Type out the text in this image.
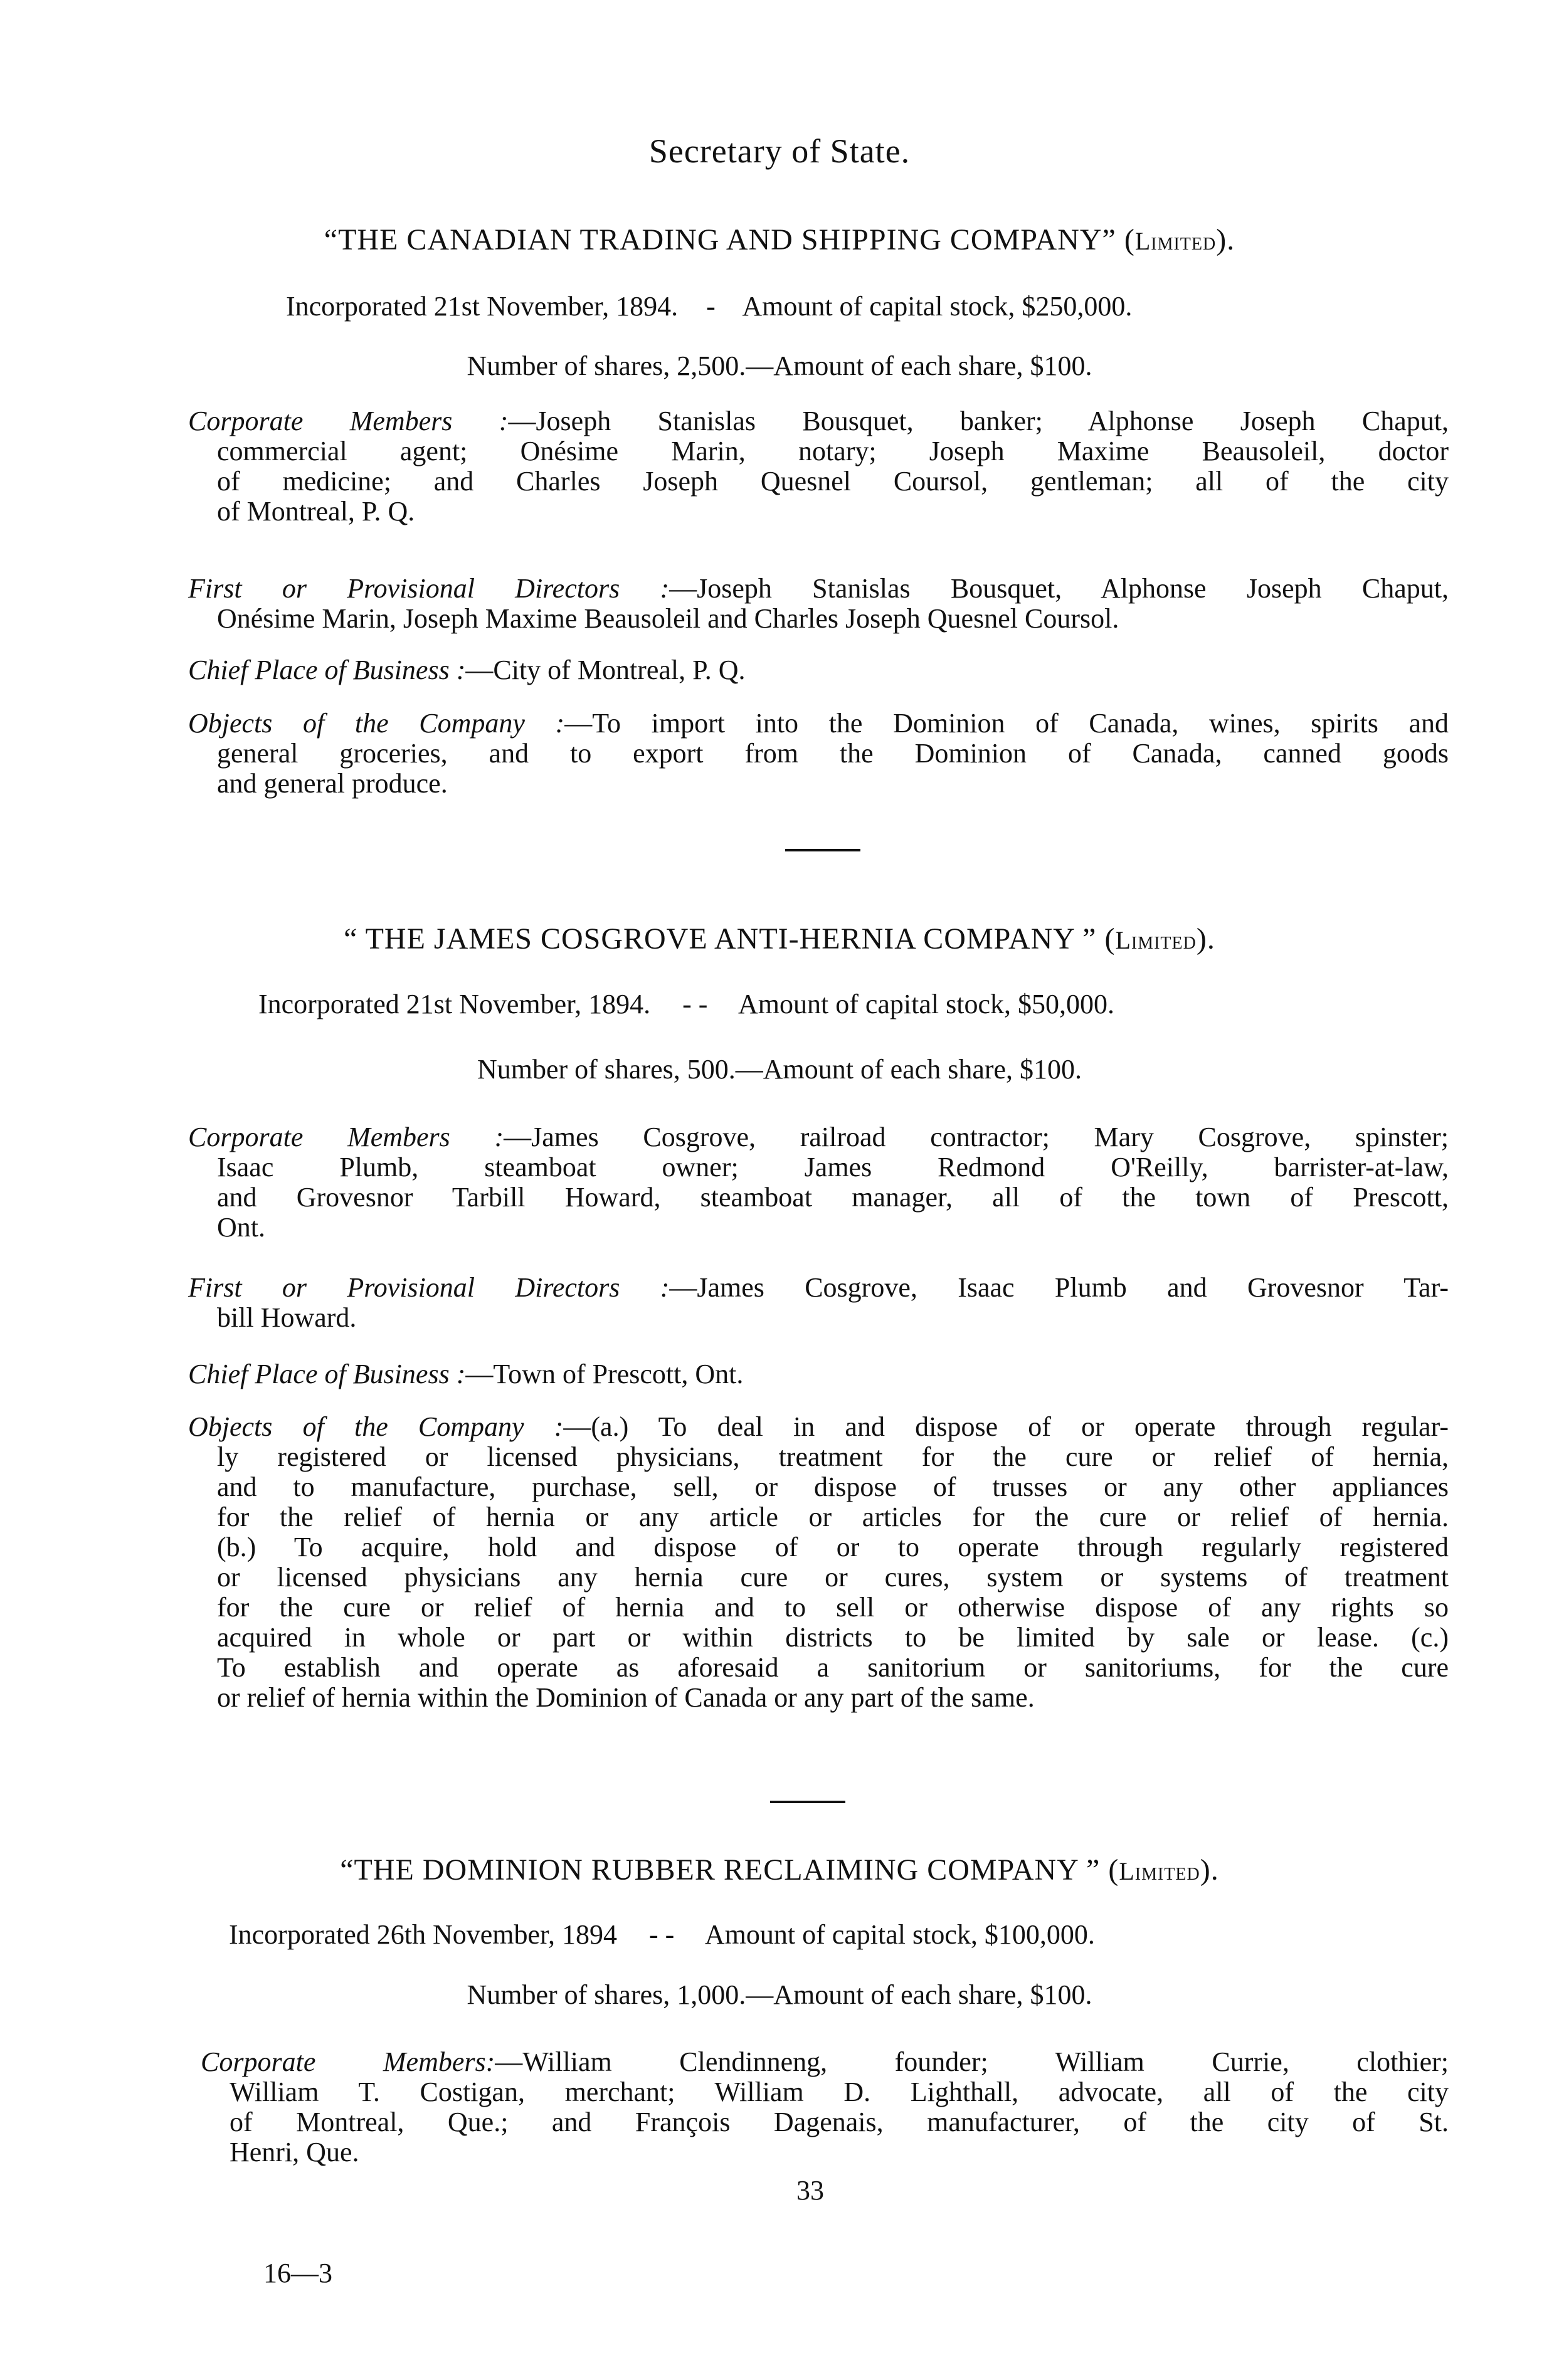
Secretary of State.
“THE CANADIAN TRADING AND SHIPPING COMPANY” (Limited).
Incorporated 21st November, 1894. - Amount of capital stock, $250,000.
Number of shares, 2,500.—Amount of each share, $100.
Corporate Members :—Joseph Stanislas Bousquet, banker; Alphonse Joseph Chaput,
commercial agent; Onésime Marin, notary; Joseph Maxime Beausoleil, doctor
of medicine; and Charles Joseph Quesnel Coursol, gentleman; all of the city
of Montreal, P. Q.
First or Provisional Directors :—Joseph Stanislas Bousquet, Alphonse Joseph Chaput,
Onésime Marin, Joseph Maxime Beausoleil and Charles Joseph Quesnel Coursol.
Chief Place of Business :—City of Montreal, P. Q.
Objects of the Company :—To import into the Dominion of Canada, wines, spirits and
general groceries, and to export from the Dominion of Canada, canned goods
and general produce.
“ THE JAMES COSGROVE ANTI-HERNIA COMPANY ” (Limited).
Incorporated 21st November, 1894. - - Amount of capital stock, $50,000.
Number of shares, 500.—Amount of each share, $100.
Corporate Members :—James Cosgrove, railroad contractor; Mary Cosgrove, spinster;
Isaac Plumb, steamboat owner; James Redmond O'Reilly, barrister-at-law,
and Grovesnor Tarbill Howard, steamboat manager, all of the town of Prescott,
Ont.
First or Provisional Directors :—James Cosgrove, Isaac Plumb and Grovesnor Tar-
bill Howard.
Chief Place of Business :—Town of Prescott, Ont.
Objects of the Company :—(a.) To deal in and dispose of or operate through regular-
ly registered or licensed physicians, treatment for the cure or relief of hernia,
and to manufacture, purchase, sell, or dispose of trusses or any other appliances
for the relief of hernia or any article or articles for the cure or relief of hernia.
(b.) To acquire, hold and dispose of or to operate through regularly registered
or licensed physicians any hernia cure or cures, system or systems of treatment
for the cure or relief of hernia and to sell or otherwise dispose of any rights so
acquired in whole or part or within districts to be limited by sale or lease. (c.)
To establish and operate as aforesaid a sanitorium or sanitoriums, for the cure
or relief of hernia within the Dominion of Canada or any part of the same.
“THE DOMINION RUBBER RECLAIMING COMPANY ” (Limited).
Incorporated 26th November, 1894 - - Amount of capital stock, $100,000.
Number of shares, 1,000.—Amount of each share, $100.
Corporate Members:—William Clendinneng, founder; William Currie, clothier;
William T. Costigan, merchant; William D. Lighthall, advocate, all of the city
of Montreal, Que.; and François Dagenais, manufacturer, of the city of St.
Henri, Que.
33
16—3
